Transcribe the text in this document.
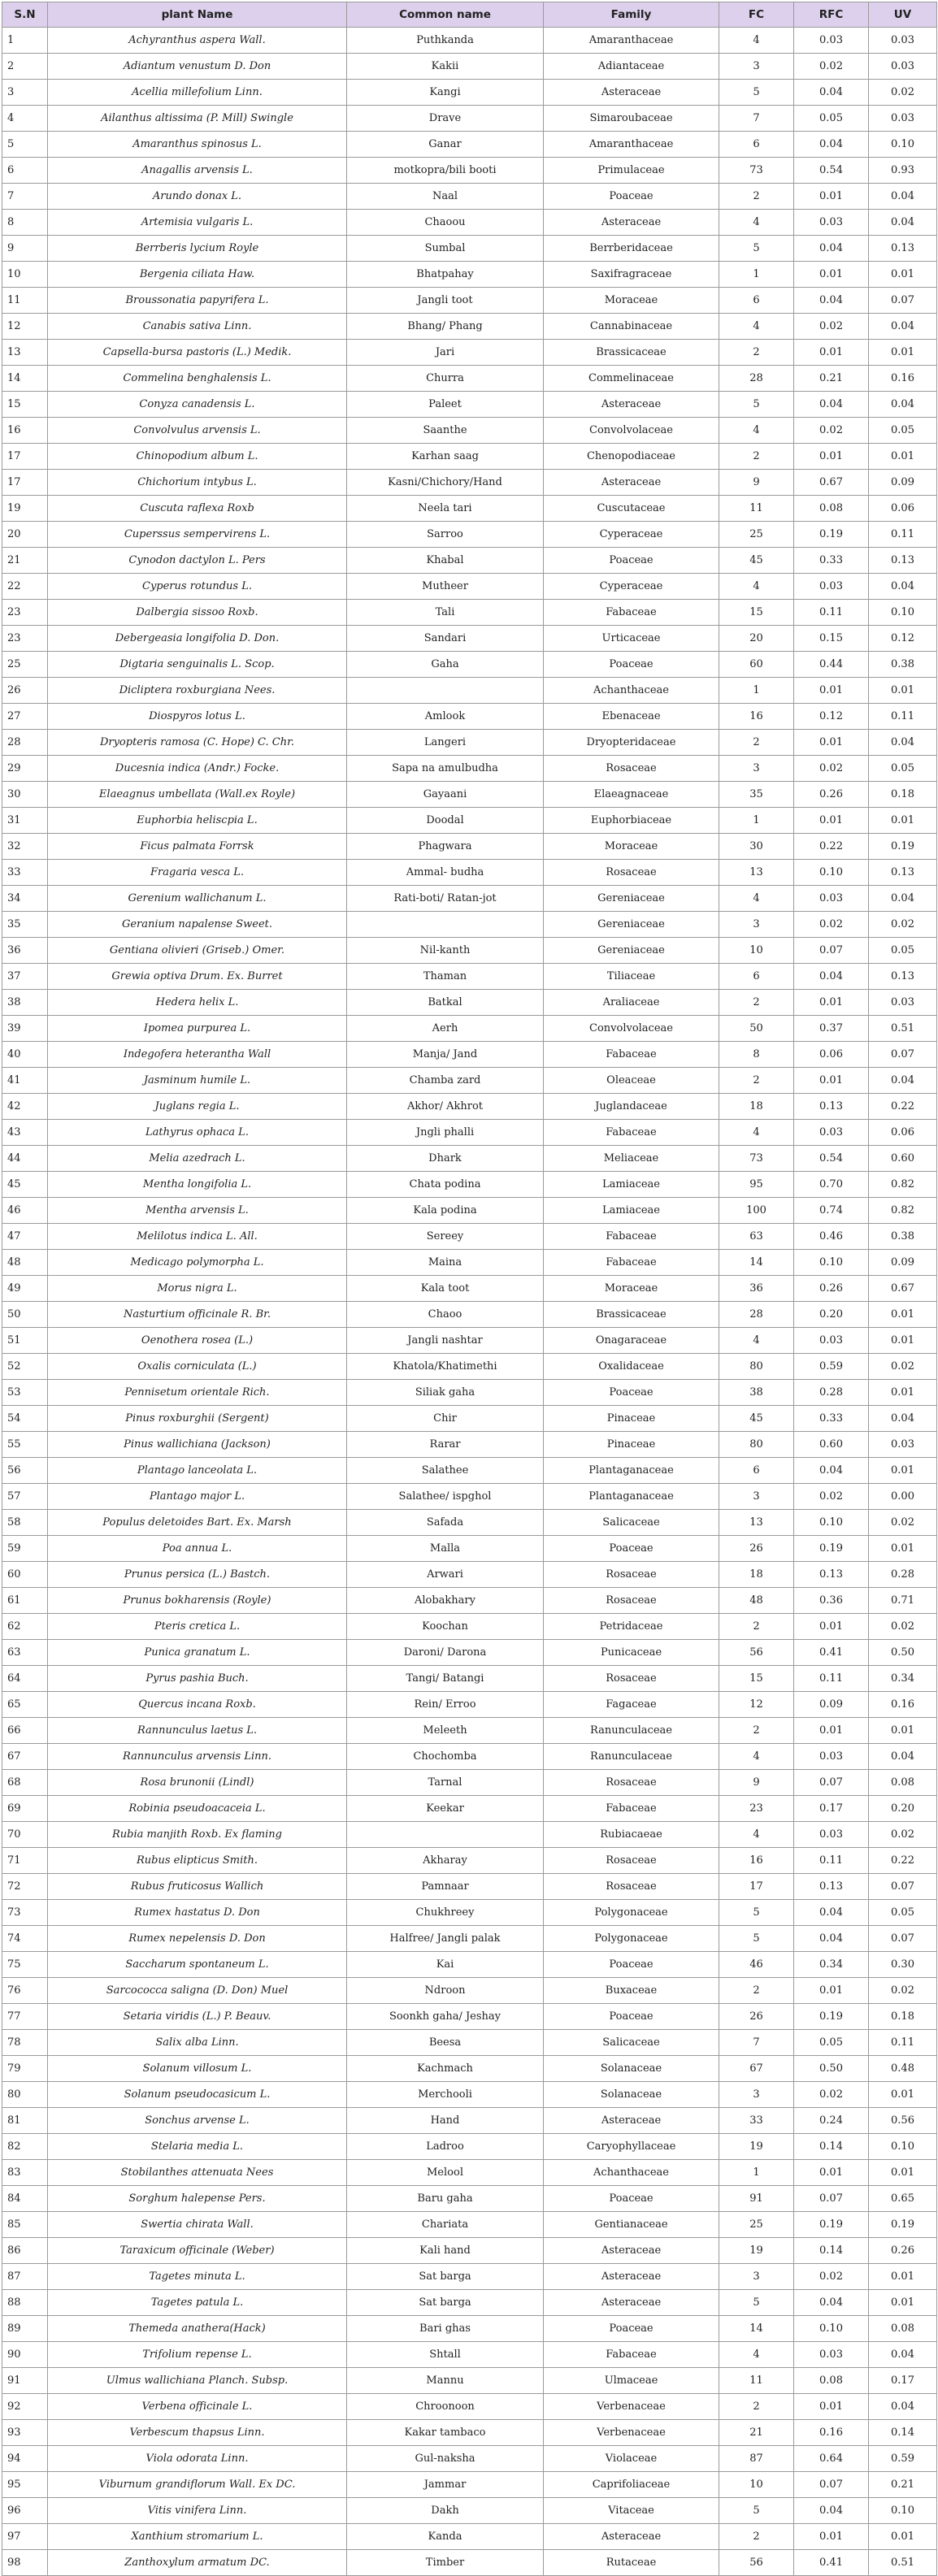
S.N	plant Name	Common name	Family	FC	RFC	UV
1	Achyranthus aspera Wall.	Puthkanda	Amaranthaceae	4	0.03	0.03
2	Adiantum venustum D. Don	Kakii	Adiantaceae	3	0.02	0.03
3	Acellia millefolium Linn.	Kangi	Asteraceae	5	0.04	0.02
4	Ailanthus altissima (P. Mill) Swingle	Drave	Simaroubaceae	7	0.05	0.03
5	Amaranthus spinosus L.	Ganar	Amaranthaceae	6	0.04	0.10
6	Anagallis arvensis L.	motkopra/bili booti	Primulaceae	73	0.54	0.93
7	Arundo donax L.	Naal	Poaceae	2	0.01	0.04
8	Artemisia vulgaris L.	Chaoou	Asteraceae	4	0.03	0.04
9	Berrberis lycium Royle	Sumbal	Berrberidaceae	5	0.04	0.13
10	Bergenia ciliata Haw.	Bhatpahay	Saxifragraceae	1	0.01	0.01
11	Broussonatia papyrifera L.	Jangli toot	Moraceae	6	0.04	0.07
12	Canabis sativa Linn.	Bhang/ Phang	Cannabinaceae	4	0.02	0.04
13	Capsella-bursa pastoris (L.) Medik.	Jari	Brassicaceae	2	0.01	0.01
14	Commelina benghalensis L.	Churra	Commelinaceae	28	0.21	0.16
15	Conyza canadensis L.	Paleet	Asteraceae	5	0.04	0.04
16	Convolvulus arvensis L.	Saanthe	Convolvolaceae	4	0.02	0.05
17	Chinopodium album L.	Karhan saag	Chenopodiaceae	2	0.01	0.01
17	Chichorium intybus L.	Kasni/Chichory/Hand	Asteraceae	9	0.67	0.09
19	Cuscuta raflexa Roxb	Neela tari	Cuscutaceae	11	0.08	0.06
20	Cuperssus sempervirens L.	Sarroo	Cyperaceae	25	0.19	0.11
21	Cynodon dactylon L. Pers	Khabal	Poaceae	45	0.33	0.13
22	Cyperus rotundus L.	Mutheer	Cyperaceae	4	0.03	0.04
23	Dalbergia sissoo Roxb.	Tali	Fabaceae	15	0.11	0.10
23	Debergeasia longifolia D. Don.	Sandari	Urticaceae	20	0.15	0.12
25	Digtaria senguinalis L. Scop.	Gaha	Poaceae	60	0.44	0.38
26	Dicliptera roxburgiana Nees.		Achanthaceae	1	0.01	0.01
27	Diospyros lotus L.	Amlook	Ebenaceae	16	0.12	0.11
28	Dryopteris ramosa (C. Hope) C. Chr.	Langeri	Dryopteridaceae	2	0.01	0.04
29	Ducesnia indica (Andr.) Focke.	Sapa na amulbudha	Rosaceae	3	0.02	0.05
30	Elaeagnus umbellata (Wall.ex Royle)	Gayaani	Elaeagnaceae	35	0.26	0.18
31	Euphorbia heliscpia L.	Doodal	Euphorbiaceae	1	0.01	0.01
32	Ficus palmata Forrsk	Phagwara	Moraceae	30	0.22	0.19
33	Fragaria vesca L.	Ammal- budha	Rosaceae	13	0.10	0.13
34	Gerenium wallichanum L.	Rati-boti/ Ratan-jot	Gereniaceae	4	0.03	0.04
35	Geranium napalense Sweet.		Gereniaceae	3	0.02	0.02
36	Gentiana olivieri (Griseb.) Omer.	Nil-kanth	Gereniaceae	10	0.07	0.05
37	Grewia optiva Drum. Ex. Burret	Thaman	Tiliaceae	6	0.04	0.13
38	Hedera helix L.	Batkal	Araliaceae	2	0.01	0.03
39	Ipomea purpurea L.	Aerh	Convolvolaceae	50	0.37	0.51
40	Indegofera heterantha Wall	Manja/ Jand	Fabaceae	8	0.06	0.07
41	Jasminum humile L.	Chamba zard	Oleaceae	2	0.01	0.04
42	Juglans regia L.	Akhor/ Akhrot	Juglandaceae	18	0.13	0.22
43	Lathyrus ophaca L.	Jngli phalli	Fabaceae	4	0.03	0.06
44	Melia azedrach L.	Dhark	Meliaceae	73	0.54	0.60
45	Mentha longifolia L.	Chata podina	Lamiaceae	95	0.70	0.82
46	Mentha arvensis L.	Kala podina	Lamiaceae	100	0.74	0.82
47	Melilotus indica L. All.	Sereey	Fabaceae	63	0.46	0.38
48	Medicago polymorpha L.	Maina	Fabaceae	14	0.10	0.09
49	Morus nigra L.	Kala toot	Moraceae	36	0.26	0.67
50	Nasturtium officinale R. Br.	Chaoo	Brassicaceae	28	0.20	0.01
51	Oenothera rosea (L.)	Jangli nashtar	Onagaraceae	4	0.03	0.01
52	Oxalis corniculata (L.)	Khatola/Khatimethi	Oxalidaceae	80	0.59	0.02
53	Pennisetum orientale Rich.	Siliak gaha	Poaceae	38	0.28	0.01
54	Pinus roxburghii (Sergent)	Chir	Pinaceae	45	0.33	0.04
55	Pinus wallichiana (Jackson)	Rarar	Pinaceae	80	0.60	0.03
56	Plantago lanceolata L.	Salathee	Plantaganaceae	6	0.04	0.01
57	Plantago major L.	Salathee/ ispghol	Plantaganaceae	3	0.02	0.00
58	Populus deletoides Bart. Ex. Marsh	Safada	Salicaceae	13	0.10	0.02
59	Poa annua L.	Malla	Poaceae	26	0.19	0.01
60	Prunus persica (L.) Bastch.	Arwari	Rosaceae	18	0.13	0.28
61	Prunus bokharensis (Royle)	Alobakhary	Rosaceae	48	0.36	0.71
62	Pteris cretica L.	Koochan	Petridaceae	2	0.01	0.02
63	Punica granatum L.	Daroni/ Darona	Punicaceae	56	0.41	0.50
64	Pyrus pashia Buch.	Tangi/ Batangi	Rosaceae	15	0.11	0.34
65	Quercus incana Roxb.	Rein/ Erroo	Fagaceae	12	0.09	0.16
66	Rannunculus laetus L.	Meleeth	Ranunculaceae	2	0.01	0.01
67	Rannunculus arvensis Linn.	Chochomba	Ranunculaceae	4	0.03	0.04
68	Rosa brunonii (Lindl)	Tarnal	Rosaceae	9	0.07	0.08
69	Robinia pseudoacaceia L.	Keekar	Fabaceae	23	0.17	0.20
70	Rubia manjith Roxb. Ex flaming		Rubiacaeae	4	0.03	0.02
71	Rubus elipticus Smith.	Akharay	Rosaceae	16	0.11	0.22
72	Rubus fruticosus Wallich	Pamnaar	Rosaceae	17	0.13	0.07
73	Rumex hastatus D. Don	Chukhreey	Polygonaceae	5	0.04	0.05
74	Rumex nepelensis D. Don	Halfree/ Jangli palak	Polygonaceae	5	0.04	0.07
75	Saccharum spontaneum L.	Kai	Poaceae	46	0.34	0.30
76	Sarcococca saligna (D. Don) Muel	Ndroon	Buxaceae	2	0.01	0.02
77	Setaria viridis (L.) P. Beauv.	Soonkh gaha/ Jeshay	Poaceae	26	0.19	0.18
78	Salix alba Linn.	Beesa	Salicaceae	7	0.05	0.11
79	Solanum villosum L.	Kachmach	Solanaceae	67	0.50	0.48
80	Solanum pseudocasicum L.	Merchooli	Solanaceae	3	0.02	0.01
81	Sonchus arvense L.	Hand	Asteraceae	33	0.24	0.56
82	Stelaria media L.	Ladroo	Caryophyllaceae	19	0.14	0.10
83	Stobilanthes attenuata Nees	Melool	Achanthaceae	1	0.01	0.01
84	Sorghum halepense Pers.	Baru gaha	Poaceae	91	0.07	0.65
85	Swertia chirata Wall.	Chariata	Gentianaceae	25	0.19	0.19
86	Taraxicum officinale (Weber)	Kali hand	Asteraceae	19	0.14	0.26
87	Tagetes minuta L.	Sat barga	Asteraceae	3	0.02	0.01
88	Tagetes patula L.	Sat barga	Asteraceae	5	0.04	0.01
89	Themeda anathera(Hack)	Bari ghas	Poaceae	14	0.10	0.08
90	Trifolium repense L.	Shtall	Fabaceae	4	0.03	0.04
91	Ulmus wallichiana Planch. Subsp.	Mannu	Ulmaceae	11	0.08	0.17
92	Verbena officinale L.	Chroonoon	Verbenaceae	2	0.01	0.04
93	Verbescum thapsus Linn.	Kakar tambaco	Verbenaceae	21	0.16	0.14
94	Viola odorata Linn.	Gul-naksha	Violaceae	87	0.64	0.59
95	Viburnum grandiflorum Wall. Ex DC.	Jammar	Caprifoliaceae	10	0.07	0.21
96	Vitis vinifera Linn.	Dakh	Vitaceae	5	0.04	0.10
97	Xanthium stromarium L.	Kanda	Asteraceae	2	0.01	0.01
98	Zanthoxylum armatum DC.	Timber	Rutaceae	56	0.41	0.51
